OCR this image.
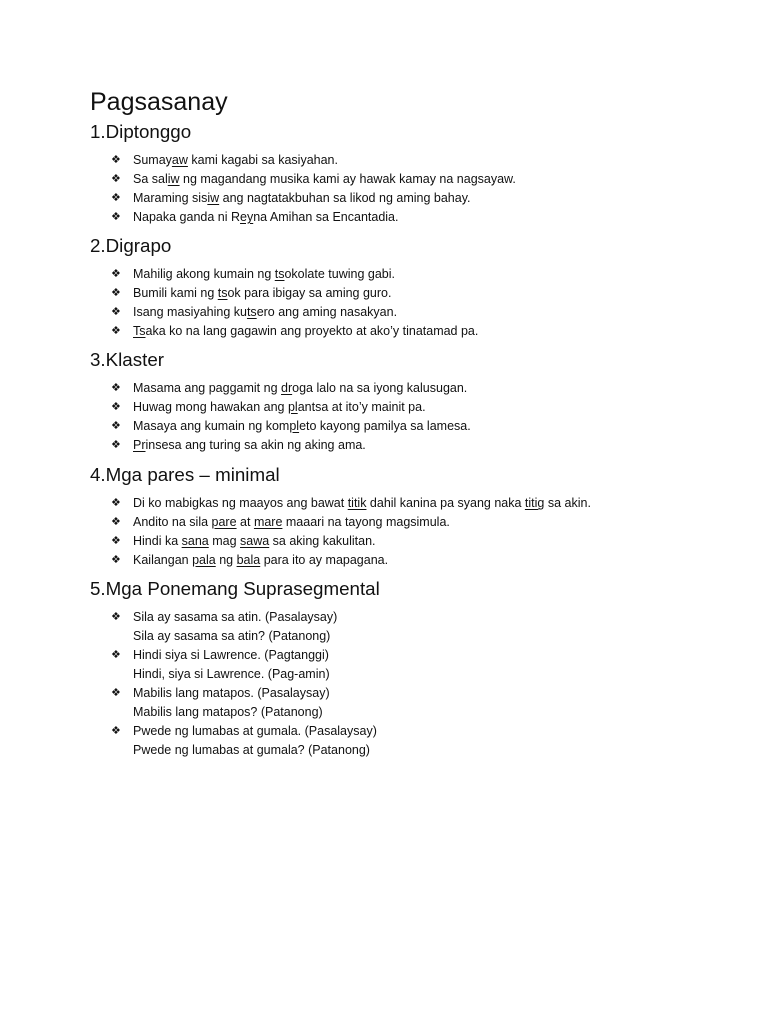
Pagsasanay
1.Diptonggo
❖ Sumayaw kami kagabi sa kasiyahan.
❖ Sa saliw ng magandang musika kami ay hawak kamay na nagsayaw.
❖ Maraming sisiw ang nagtatakbuhan sa likod ng aming bahay.
❖ Napaka ganda ni Reyna Amihan sa Encantadia.
2.Digrapo
❖ Mahilig akong kumain ng tsokolate tuwing gabi.
❖ Bumili kami ng tsok para ibigay sa aming guro.
❖ Isang masiyahing kutsero ang aming nasakyan.
❖ Tsaka ko na lang gagawin ang proyekto at ako’y tinatamad pa.
3.Klaster
❖ Masama ang paggamit ng droga lalo na sa iyong kalusugan.
❖ Huwag mong hawakan ang plantsa at ito’y mainit pa.
❖ Masaya ang kumain ng kompleto kayong pamilya sa lamesa.
❖ Prinsesa ang turing sa akin ng aking ama.
4.Mga pares – minimal
❖ Di ko mabigkas ng maayos ang bawat titik dahil kanina pa syang naka titig sa akin.
❖ Andito na sila pare at mare maaari na tayong magsimula.
❖ Hindi ka sana mag sawa sa aking kakulitan.
❖ Kailangan pala ng bala para ito ay mapagana.
5.Mga Ponemang Suprasegmental
❖ Sila ay sasama sa atin. (Pasalaysay)
Sila ay sasama sa atin? (Patanong)
❖ Hindi siya si Lawrence. (Pagtanggi)
Hindi, siya si Lawrence. (Pag-amin)
❖ Mabilis lang matapos. (Pasalaysay)
Mabilis lang matapos? (Patanong)
❖ Pwede ng lumabas at gumala. (Pasalaysay)
Pwede ng lumabas at gumala? (Patanong)
